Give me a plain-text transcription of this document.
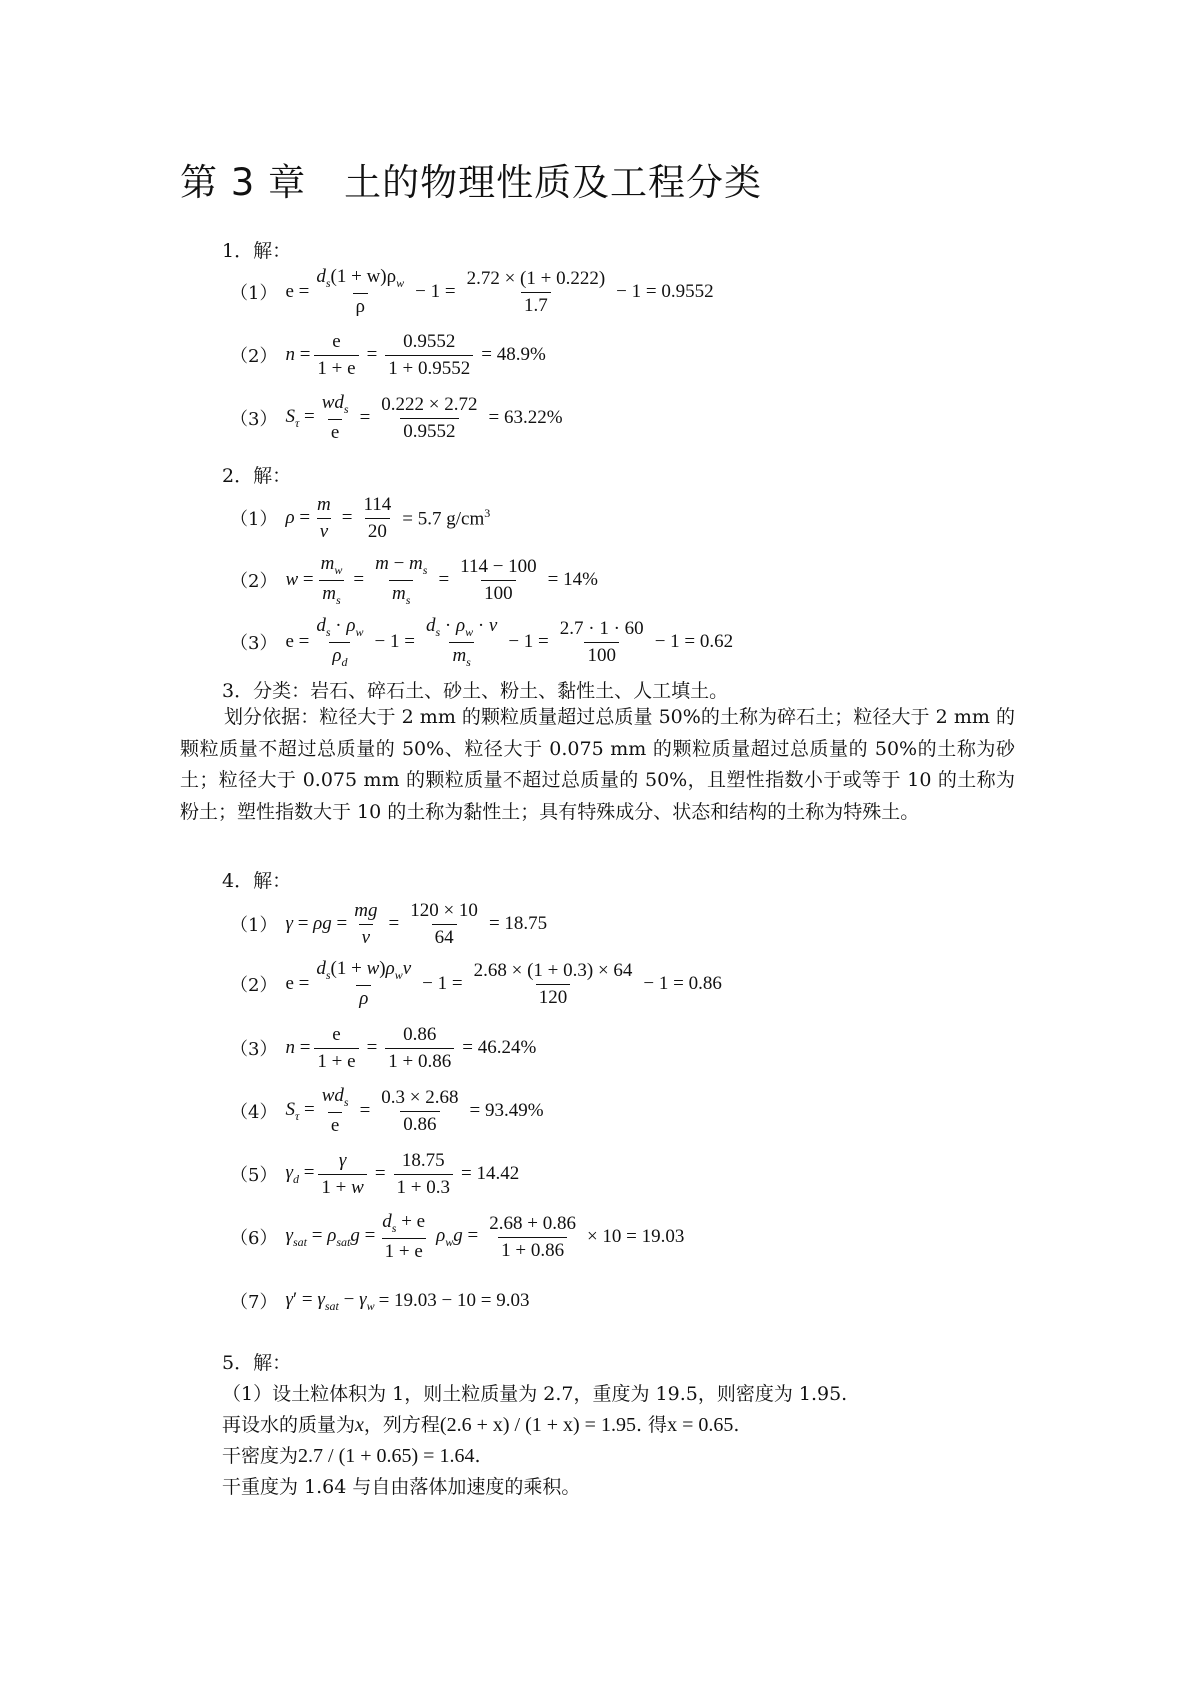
第 3 章　土的物理性质及工程分类
1．解：
（1） $e = \frac{d_s(1 + w)\rho_w}{\rho} - 1 = \frac{2.72 \times (1 + 0.222)}{1.7} - 1 = 0.9552$
（2） $n = \frac{e}{1 + e} = \frac{0.9552}{1 + 0.9552} = 48.9\%$
（3） $S_\tau = \frac{wd_s}{e} = \frac{0.222 \times 2.72}{0.9552} = 63.22\%$
2．解：
（1） $\rho = \frac{m}{v} = \frac{114}{20} = 5.7$ $g/cm^3$
（2） $w = \frac{m_w}{m_s} = \frac{m - m_s}{m_s} = \frac{114 - 100}{100} = 14\%$
（3） $e = \frac{d_s \cdot \rho_w}{\rho_d} - 1 = \frac{d_s \cdot \rho_w \cdot v}{m_s} - 1 = \frac{2.7 \cdot 1 \cdot 60}{100} - 1 = 0.62$
3．分类：岩石、碎石土、砂土、粉土、黏性土、人工填土。

划分依据：粒径大于 2 mm 的颗粒质量超过总质量 50%的土称为碎石土；粒径大于 2 mm 的颗粒质量不超过总质量的 50%、粒径大于 0.075 mm 的颗粒质量超过总质量的 50%的土称为砂土；粒径大于 0.075 mm 的颗粒质量不超过总质量的 50%，且塑性指数小于或等于 10 的土称为粉土；塑性指数大于 10 的土称为黏性土；具有特殊成分、状态和结构的土称为特殊土。

4．解：
（1） $\gamma = \rho g = \frac{mg}{v} = \frac{120 \times 10}{64} = 18.75$
（2） $e = \frac{d_s(1 + w)\rho_wv}{\rho} - 1 = \frac{2.68 \times (1 + 0.3) \times 64}{120} - 1 = 0.86$
（3） $n = \frac{e}{1 + e} = \frac{0.86}{1 + 0.86} = 46.24\%$
（4） $S_\tau = \frac{wd_s}{e} = \frac{0.3 \times 2.68}{0.86} = 93.49\%$
（5） $\gamma_d = \frac{\gamma}{1 + w} = \frac{18.75}{1 + 0.3} = 14.42$
（6） $\gamma_{sat} = \rho_{sat}g = \frac{d_s + e}{1 + e} \rho_wg = \frac{2.68 + 0.86}{1 + 0.86} \times 10 = 19.03$
（7） $\gamma' = \gamma_{sat} - \gamma_w = 19.03 - 10 = 9.03$
5．解：
（1）设土粒体积为 1，则土粒质量为 2.7，重度为 19.5，则密度为 1.95.
再设水的质量为x，列方程(2.6 + x) / (1 + x) = 1.95. 得x = 0.65.
干密度为2.7 / (1 + 0.65) = 1.64.
干重度为 1.64 与自由落体加速度的乘积。
